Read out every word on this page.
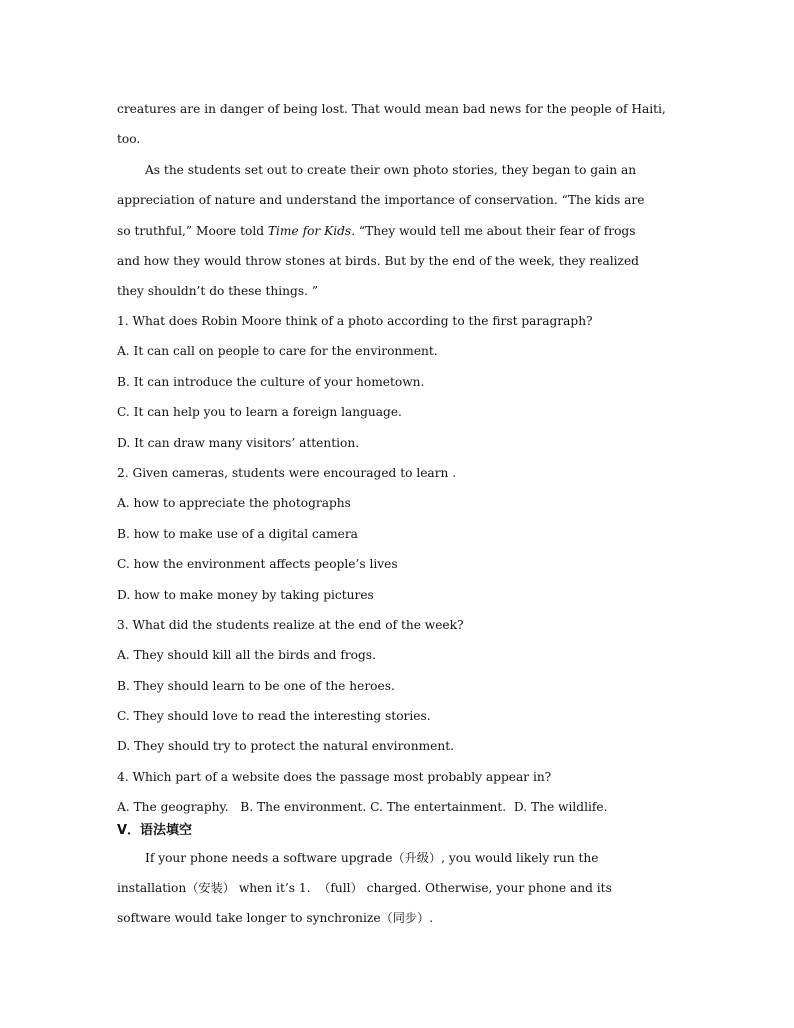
creatures are in danger of being lost. That would mean bad news for the people of Haiti,

too.

As the students set out to create their own photo stories, they began to gain an

appreciation of nature and understand the importance of conservation. “The kids are

so truthful,” Moore told Time for Kids. “They would tell me about their fear of frogs

and how they would throw stones at birds. But by the end of the week, they realized

they shouldn’t do these things. ”

1. What does Robin Moore think of a photo according to the first paragraph?

A. It can call on people to care for the environment.

B. It can introduce the culture of your hometown.

C. It can help you to learn a foreign language.

D. It can draw many visitors’ attention.

2. Given cameras, students were encouraged to learn .

A. how to appreciate the photographs

B. how to make use of a digital camera

C. how the environment affects people’s lives

D. how to make money by taking pictures

3. What did the students realize at the end of the week?

A. They should kill all the birds and frogs.

B. They should learn to be one of the heroes.

C. They should love to read the interesting stories.

D. They should try to protect the natural environment.

4. Which part of a website does the passage most probably appear in?

A. The geography.   B. The environment. C. The entertainment.  D. The wildlife.

V．语法填空

If your phone needs a software upgrade（升级）, you would likely run the

installation（安装） when it’s 1.  （full） charged. Otherwise, your phone and its

software would take longer to synchronize（同步）.
